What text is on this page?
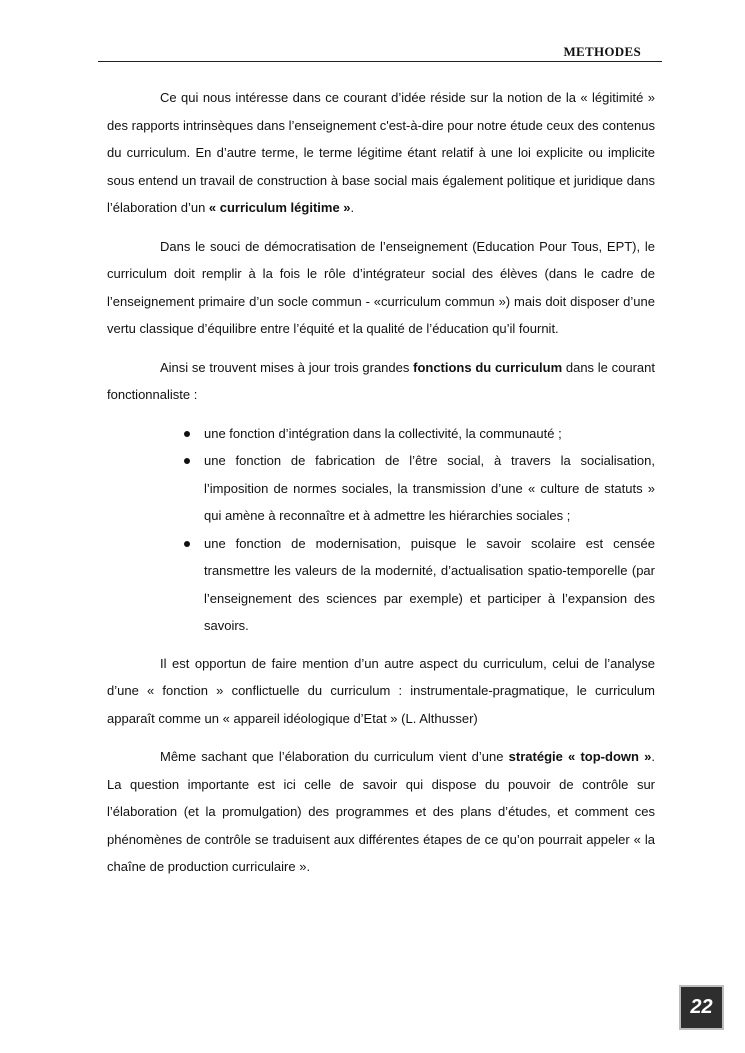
METHODES

Ce qui nous intéresse dans ce courant d’idée réside sur la notion de la « légitimité » des rapports intrinsèques dans l’enseignement c'est-à-dire pour notre étude ceux des contenus du curriculum. En d’autre terme, le terme légitime étant relatif à une loi explicite ou implicite sous entend un travail de construction à base social mais également politique et juridique dans l’élaboration d’un « curriculum légitime ».

Dans le souci de démocratisation de l’enseignement (Education Pour Tous, EPT), le curriculum doit remplir à la fois le rôle d’intégrateur social des élèves (dans le cadre de l’enseignement primaire d’un socle commun - «curriculum commun ») mais doit disposer d’une vertu classique d’équilibre entre l’équité et la qualité de l’éducation qu’il fournit.

Ainsi se trouvent mises à jour trois grandes fonctions du curriculum dans le courant fonctionnaliste :

une fonction d’intégration dans la collectivité, la communauté ;
une fonction de fabrication de l’être social, à travers la socialisation, l’imposition de normes sociales, la transmission d’une « culture de statuts » qui amène à reconnaître et à admettre les hiérarchies sociales ;
une fonction de modernisation, puisque le savoir scolaire est censée transmettre les valeurs de la modernité, d’actualisation spatio-temporelle (par l’enseignement des sciences par exemple) et participer à l’expansion des savoirs.

Il est opportun de faire mention d’un autre aspect du curriculum, celui de l’analyse d’une « fonction » conflictuelle du curriculum : instrumentale-pragmatique, le curriculum apparaît comme un « appareil idéologique d’Etat » (L. Althusser)

Même sachant que l’élaboration du curriculum vient d’une stratégie « top-down ». La question importante est ici celle de savoir qui dispose du pouvoir de contrôle sur l’élaboration (et la promulgation) des programmes et des plans d’études, et comment ces phénomènes de contrôle se traduisent aux différentes étapes de ce qu’on pourrait appeler « la chaîne de production curriculaire ».

22
